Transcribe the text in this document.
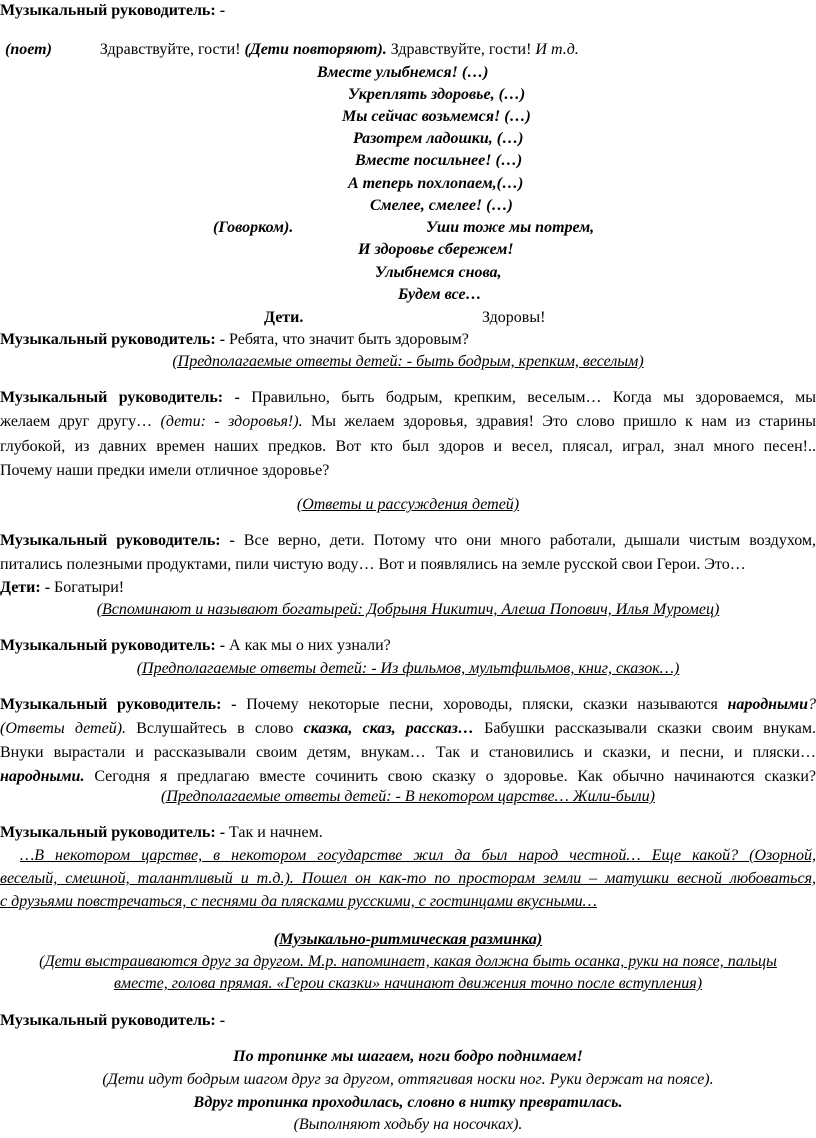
Музыкальный руководитель: -
(поет)	Здравствуйте, гости! (Дети повторяют). Здравствуйте, гости! И т.д.
Вместе улыбнемся! (…)
Укреплять здоровье, (…)
Мы сейчас возьмемся! (…)
Разотрем ладошки, (…)
Вместе посильнее! (…)
А теперь похлопаем,(…)
Смелее, смелее! (…)
(Говорком).	Уши тоже мы потрем,
И здоровье сбережем!
Улыбнемся снова,
Будем все…
Дети.	Здоровы!
Музыкальный руководитель: - Ребята, что значит быть здоровым?
(Предполагаемые ответы детей: - быть бодрым, крепким, веселым)
Музыкальный руководитель: - Правильно, быть бодрым, крепким, веселым… Когда мы здороваемся, мы
желаем друг другу… (дети: - здоровья!). Мы желаем здоровья, здравия! Это слово пришло к нам из старины
глубокой, из давних времен наших предков. Вот кто был здоров и весел, плясал, играл, знал много песен!..
Почему наши предки имели отличное здоровье?
(Ответы и рассуждения детей)
Музыкальный руководитель: - Все верно, дети. Потому что они много работали, дышали чистым воздухом,
питались полезными продуктами, пили чистую воду… Вот и появлялись на земле русской свои Герои. Это…
Дети: - Богатыри!
(Вспоминают и называют богатырей: Добрыня Никитич, Алеша Попович, Илья Муромец)
Музыкальный руководитель: - А как мы о них узнали?
(Предполагаемые ответы детей: - Из фильмов, мультфильмов, книг, сказок…)
Музыкальный руководитель: - Почему некоторые песни, хороводы, пляски, сказки называются народными?
(Ответы детей). Вслушайтесь в слово сказка, сказ, рассказ… Бабушки рассказывали сказки своим внукам.
Внуки вырастали и рассказывали своим детям, внукам… Так и становились и сказки, и песни, и пляски…
народными. Сегодня я предлагаю вместе сочинить свою сказку о здоровье. Как обычно начинаются сказки?
(Предполагаемые ответы детей: - В некотором царстве… Жили-были)
Музыкальный руководитель: - Так и начнем.
…В некотором царстве, в некотором государстве жил да был народ честной… Еще какой? (Озорной,
веселый, смешной, талантливый и т.д.). Пошел он как-то по просторам земли – матушки весной любоваться,
с друзьями повстречаться, с песнями да плясками русскими, с гостинцами вкусными…
(Музыкально-ритмическая разминка)
(Дети выстраиваются друг за другом. М.р. напоминает, какая должна быть осанка, руки на поясе, пальцы
вместе, голова прямая. «Герои сказки» начинают движения точно после вступления)
Музыкальный руководитель: -
По тропинке мы шагаем, ноги бодро поднимаем!
(Дети идут бодрым шагом друг за другом, оттягивая носки ног. Руки держат на поясе).
Вдруг тропинка проходилась, словно в нитку превратилась.
(Выполняют ходьбу на носочках).
